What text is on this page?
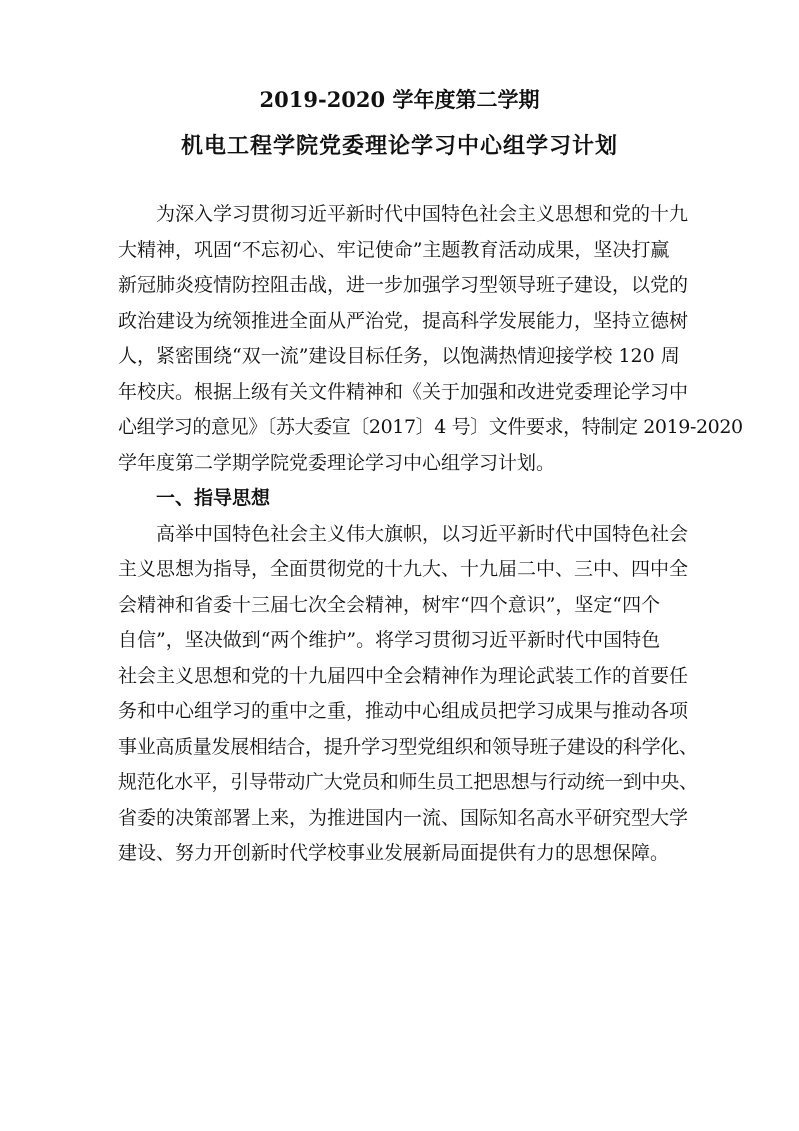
2019-2020 学年度第二学期
机电工程学院党委理论学习中心组学习计划
　　为深入学习贯彻习近平新时代中国特色社会主义思想和党的十九
大精神，巩固“不忘初心、牢记使命”主题教育活动成果，坚决打赢
新冠肺炎疫情防控阻击战，进一步加强学习型领导班子建设，以党的
政治建设为统领推进全面从严治党，提高科学发展能力，坚持立德树
人，紧密围绕“双一流”建设目标任务，以饱满热情迎接学校 120 周
年校庆。根据上级有关文件精神和《关于加强和改进党委理论学习中
心组学习的意见》〔苏大委宣〔2017〕4 号〕文件要求，特制定 2019-2020
学年度第二学期学院党委理论学习中心组学习计划。
　　一、指导思想
　　高举中国特色社会主义伟大旗帜，以习近平新时代中国特色社会
主义思想为指导，全面贯彻党的十九大、十九届二中、三中、四中全
会精神和省委十三届七次全会精神，树牢“四个意识”，坚定“四个
自信”，坚决做到“两个维护”。将学习贯彻习近平新时代中国特色
社会主义思想和党的十九届四中全会精神作为理论武装工作的首要任
务和中心组学习的重中之重，推动中心组成员把学习成果与推动各项
事业高质量发展相结合，提升学习型党组织和领导班子建设的科学化、
规范化水平，引导带动广大党员和师生员工把思想与行动统一到中央、
省委的决策部署上来，为推进国内一流、国际知名高水平研究型大学
建设、努力开创新时代学校事业发展新局面提供有力的思想保障。
